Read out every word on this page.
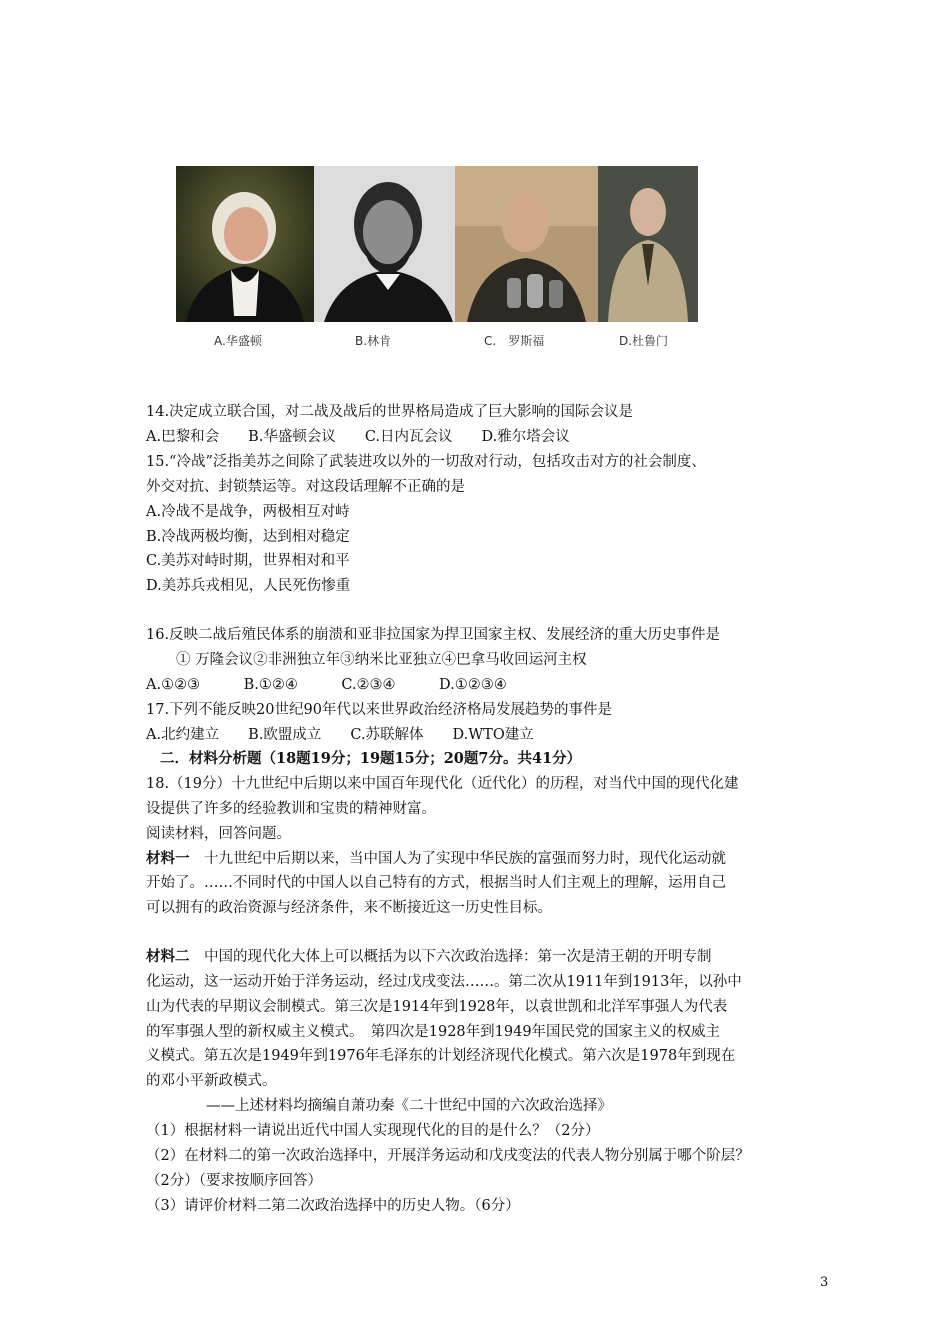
A.华盛顿	B.林肯	C.　罗斯福	D.杜鲁门
14.决定成立联合国，对二战及战后的世界格局造成了巨大影响的国际会议是
A.巴黎和会　　B.华盛顿会议　　C.日内瓦会议　　D.雅尔塔会议
15.“冷战”泛指美苏之间除了武装进攻以外的一切敌对行动，包括攻击对方的社会制度、
外交对抗、封锁禁运等。对这段话理解不正确的是
A.冷战不是战争，两极相互对峙
B.冷战两极均衡，达到相对稳定
C.美苏对峙时期，世界相对和平
D.美苏兵戎相见，人民死伤惨重
16.反映二战后殖民体系的崩溃和亚非拉国家为捍卫国家主权、发展经济的重大历史事件是
① 万隆会议②非洲独立年③纳米比亚独立④巴拿马收回运河主权
A.①②③　　　B.①②④　　　C.②③④　　　D.①②③④
17.下列不能反映20世纪90年代以来世界政治经济格局发展趋势的事件是
A.北约建立　　B.欧盟成立　　C.苏联解体　　D.WTO建立
二．材料分析题（18题19分；19题15分；20题7分。共41分）
18.（19分）十九世纪中后期以来中国百年现代化（近代化）的历程，对当代中国的现代化建
设提供了许多的经验教训和宝贵的精神财富。
阅读材料，回答问题。
材料一　十九世纪中后期以来，当中国人为了实现中华民族的富强而努力时，现代化运动就
开始了。……不同时代的中国人以自己特有的方式，根据当时人们主观上的理解，运用自己
可以拥有的政治资源与经济条件，来不断接近这一历史性目标。
材料二　中国的现代化大体上可以概括为以下六次政治选择：第一次是清王朝的开明专制
化运动，这一运动开始于洋务运动，经过戊戌变法……。第二次从1911年到1913年，以孙中
山为代表的早期议会制模式。第三次是1914年到1928年，以袁世凯和北洋军事强人为代表
的军事强人型的新权威主义模式。　第四次是1928年到1949年国民党的国家主义的权威主
义模式。第五次是1949年到1976年毛泽东的计划经济现代化模式。第六次是1978年到现在
的邓小平新政模式。
——上述材料均摘编自萧功秦《二十世纪中国的六次政治选择》
（1）根据材料一请说出近代中国人实现现代化的目的是什么？（2分）
（2）在材料二的第一次政治选择中，开展洋务运动和戊戌变法的代表人物分别属于哪个阶层？
（2分）（要求按顺序回答）
（3）请评价材料二第二次政治选择中的历史人物。（6分）
3
